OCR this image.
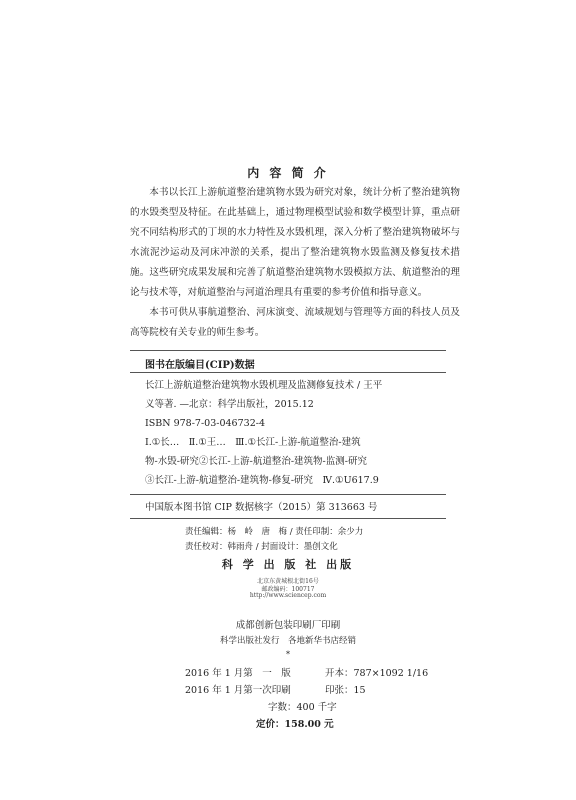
内 容 简 介

本书以长江上游航道整治建筑物水毁为研究对象，统计分析了整治建筑物的水毁类型及特征。在此基础上，通过物理模型试验和数学模型计算，重点研究不同结构形式的丁坝的水力特性及水毁机理，深入分析了整治建筑物破坏与水流泥沙运动及河床冲淤的关系，提出了整治建筑物水毁监测及修复技术措施。这些研究成果发展和完善了航道整治建筑物水毁模拟方法、航道整治的理论与技术等，对航道整治与河道治理具有重要的参考价值和指导意义。

本书可供从事航道整治、河床演变、流域规划与管理等方面的科技人员及高等院校有关专业的师生参考。

图书在版编目(CIP)数据
长江上游航道整治建筑物水毁机理及监测修复技术 / 王平
义等著. —北京：科学出版社，2015.12
ISBN 978-7-03-046732-4
Ⅰ.①长…　Ⅱ.①王…　Ⅲ.①长江-上游-航道整治-建筑
物-水毁-研究②长江-上游-航道整治-建筑物-监测-研究
③长江-上游-航道整治-建筑物-修复-研究　Ⅳ.①U617.9
中国版本图书馆 CIP 数据核字（2015）第 313663 号
责任编辑：杨　岭　唐　梅 / 责任印制：余少力
责任校对：韩雨舟 / 封面设计：墨创文化
科 学 出 版 社 出版
北京东黄城根北街16号
邮政编码：100717
http://www.sciencep.com
成都创新包装印刷厂印刷
科学出版社发行　各地新华书店经销
*
2016 年 1 月第　一　版	开本：787×1092 1/16
2016 年 1 月第一次印刷	印张：15
字数：400 千字
定价：158.00 元
